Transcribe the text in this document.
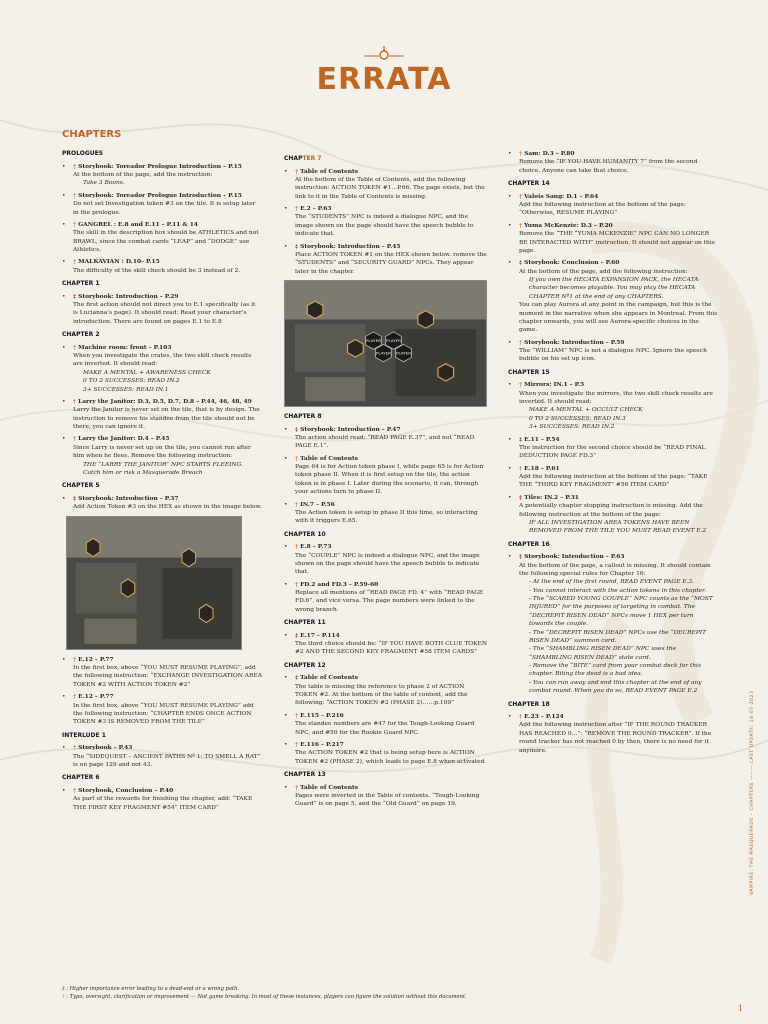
ERRATA
CHAPTERS
PROLOGUES
• † Storybook: Toreador Prologue Introduction – P.15
At the bottom of the page, add the instruction:
Take 3 Boons.
• † Storybook: Toreador Prologue Introduction – P.15
Do not set Investigation token #3 on the tile. It is setup later in the prologue.
• † GANGREL : E.8 and E.11 – P.11 & 14
The skill in the description box should be ATHLETICS and not BRAWL, since the combat cards “LEAP” and “DODGE” use Athletics.
• † MALKAVIAN : D.10– P.15
The difficulty of the skill check should be 3 instead of 2.
CHAPTER 1
• ‡ Storybook: Introduction – P.29
The first action should not direct you to E.1 specifically (as it is Lucianna’s page). It should read: Read your character’s introduction. There are found on pages E.1 to E.8
CHAPTER 2
• † Machine room: front – P.103
When you investigate the crates, the two skill check results are inverted. It should read:
MAKE A MENTAL + AWARENESS CHECK
0 TO 2 SUCCESSES: READ IN.2
3+ SUCCESSES: READ IN.1
• † Larry the Janitor: D.3, D.5, D.7, D.8 – P.44, 46, 48, 49
Larry the Janitor is never set on the tile, that is by design. The instruction to remove his standee from the tile should not be there, you can ignore it.
• † Larry the Janitor: D.4 – P.45
Since Larry is never set up on the tile, you cannot run after him when he flees. Remove the following instruction:
THE “LARRY THE JANITOR” NPC STARTS FLEEING. Catch him or risk a Masquerade Breach
CHAPTER 5
• ‡ Storybook: Introduction – P.37
Add Action Token #3 on the HEX as shown in the image below.
• † E.12 – P.77
In the first box, above “YOU MUST RESUME PLAYING”, add the following instruction: “EXCHANGE INVESTIGATION AREA TOKEN #2 WITH ACTION TOKEN #2”
• † E.12 – P.77
In the first box, above “YOU MUST RESUME PLAYING” add the following instruction: “CHAPTER ENDS ONCE ACTION TOKEN #3 IS REMOVED FROM THE TILE”
INTERLUDE 1
• † Storybook – P.43
The “SIDEQUEST – ANCIENT PATHS Nº 1: TO SMELL A RAT” is on page 129 and not 43.
CHAPTER 6
• † Storybook, Conclusion – P.40
As part of the rewards for finishing the chapter, add: “TAKE THE FIRST KEY FRAGMENT #54” ITEM CARD”
CHAPTER 7
• † Table of Contents
At the bottom of the Table of Contents, add the following instruction: ACTION TOKEN #1...P.66. The page exists, but the link to it in the Table of Contents is missing.
• † E.2 – P.63
The “STUDENTS” NPC is indeed a dialogue NPC, and the image shown on the page should have the speech bubble to indicate that.
• ‡ Storybook: Introduction – P.45
Place ACTION TOKEN #1 on the HEX shown below. remove the “STUDENTS” and “SECURITY GUARD” NPCs. They appear later in the chapter.
PLAYER PLAYER
PLAYER PLAYER
CHAPTER 8
• ‡ Storybook: Introduction – P.47
The action should read: “READ PAGE E.37”, and not “READ PAGE E.1”.
• † Table of Contents
Page 64 is for Action token phase I, while page 65 is for Action token phase II. When it is first setup on the tile, the action token is in phase I. Later during the scenario, it can, through your actions turn to phase II.
• † IN.7 – P.56
The Action token is setup in phase II this time, so interacting with it triggers E.65.
CHAPTER 10
• † E.8 – P.73
The “COUPLE” NPC is indeed a dialogue NPC, and the image shown on the page should have the speech bubble to indicate that.
• † FD.2 and FD.3 – P.59-60
Replace all mentions of “READ PAGE FD. 4” with “READ PAGE FD.6”, and vice versa. The page numbers were linked to the wrong branch.
CHAPTER 11
• ‡ E.17 – P.114
The third choice should be: “IF YOU HAVE BOTH CLUE TOKEN #2 AND THE SECOND KEY FRAGMENT #58 ITEM CARDS”
CHAPTER 12
• ‡ Table of Contents
The table is missing the reference to phase 2 of ACTION TOKEN #2. At the bottom of the table of content, add the following: “ACTION TOKEN #2 (PHASE 2)……p.109”
• † E.115 – P.216
The standee numbers are #47 for the Tough-Looking Guard NPC, and #50 for the Rookie Guard NPC.
• † E.116 – P.217
The ACTION TOKEN #2 that is being setup here is ACTION TOKEN #2 (PHASE 2), which leads to page E.8 when activated.
CHAPTER 13
• † Table of Contents
Pages were inverted in the Table of contents. “Tough-Looking Guard” is on page 5, and the “Old Guard” on page 19.
• † Sam: D.3 – P.80
Remove the “IF YOU HAVE HUMANITY 7” from the second choice. Anyone can take that choice.
CHAPTER 14
• † Valois Sang: D.1 – P.64
Add the following instruction at the bottom of the page: “Otherwise, RESUME PLAYING”
• † Yuma McKenzie: D.3 – P.20
Remove the “THE “YUMA MCKENZIE” NPC CAN NO LONGER BE INTERACTED WITH” instruction. It should not appear on this page.
• ‡ Storybook: Conclusion – P.60
At the bottom of the page, add the following instruction:
If you own the HECATA EXPANSION PACK, the HECATA character becomes playable. You may play the HECATA CHAPTER Nº1 at the end of any CHAPTERS.
You can play Aurora at any point in the campaign, but this is the moment in the narrative when she appears in Montreal. From this chapter onwards, you will see Aurora-specific choices in the game.
• † Storybook: Introduction – P.59
The “WILLIAM” NPC is not a dialogue NPC. Ignore the speech bubble on his set up icon.
CHAPTER 15
• † Mirrors: IN.1 – P.5
When you investigate the mirrors, the two skill check results are inverted. It should read:
MAKE A MENTAL + OCCULT CHECK
0 TO 2 SUCCESSES: READ IN.3
3+ SUCCESSES: READ IN.2
• ‡ E.11 – P.54
The instruction for the second choice should be “READ FINAL DEDUCTION PAGE FD.3”
• † E.18 – P.61
Add the following instruction at the bottom of the page: “TAKE THE “THIRD KEY FRAGMENT” #56 ITEM CARD”
• ‡ Tiles: IN.2 – P.31
A potentially chapter stopping instruction is missing. Add the following instruction at the bottom of the page:
IF ALL INVESTIGATION AREA TOKENS HAVE BEEN REMOVED FROM THE TILE YOU MUST READ EVENT E.2
CHAPTER 16
• ‡ Storybook: Introduction – P.63
At the bottom of the page, a callout is missing. It should contain the following special rules for Chapter 16:
- At the end of the first round, READ EVENT PAGE E.3.
- You cannot interact with the action tokens in this chapter.
- The “SCARED YOUNG COUPLE” NPC counts as the “MOST INJURED” for the purposes of targeting in combat. The “DECREPIT RISEN DEAD” NPCs move 1 HEX per turn towards the couple.
- The “DECREPIT RISEN DEAD” NPCs use the “DECREPIT RISEN DEAD” summon card.
- The “SHAMBLING RISEN DEAD” NPC uses the “SHAMBLING RISEN DEAD” state card.
- Remove the “BITE” card from your combat deck for this chapter. Biting the dead is a bad idea.
- You can run away and end this chapter at the end of any combat round. When you do so, READ EVENT PAGE E.2
CHAPTER 18
• † E.23 – P.124
Add the following instruction after “IF THE ROUND TRACKER HAS REACHED 0…”: “REMOVE THE ROUND TRACKER”. If the round tracker has not reached 0 by then, there is no need for it anymore.
‡ : Higher importance error leading to a dead-end or a wrong path.
† : Typo, oversight, clarification or improvement — Not game breaking. In most of these instances, players can figure the solution without this document.
VAMPIRE: THE MASQUERADE – CHAPTERS ——— LAST UPDATE: 18-07-2023
1
